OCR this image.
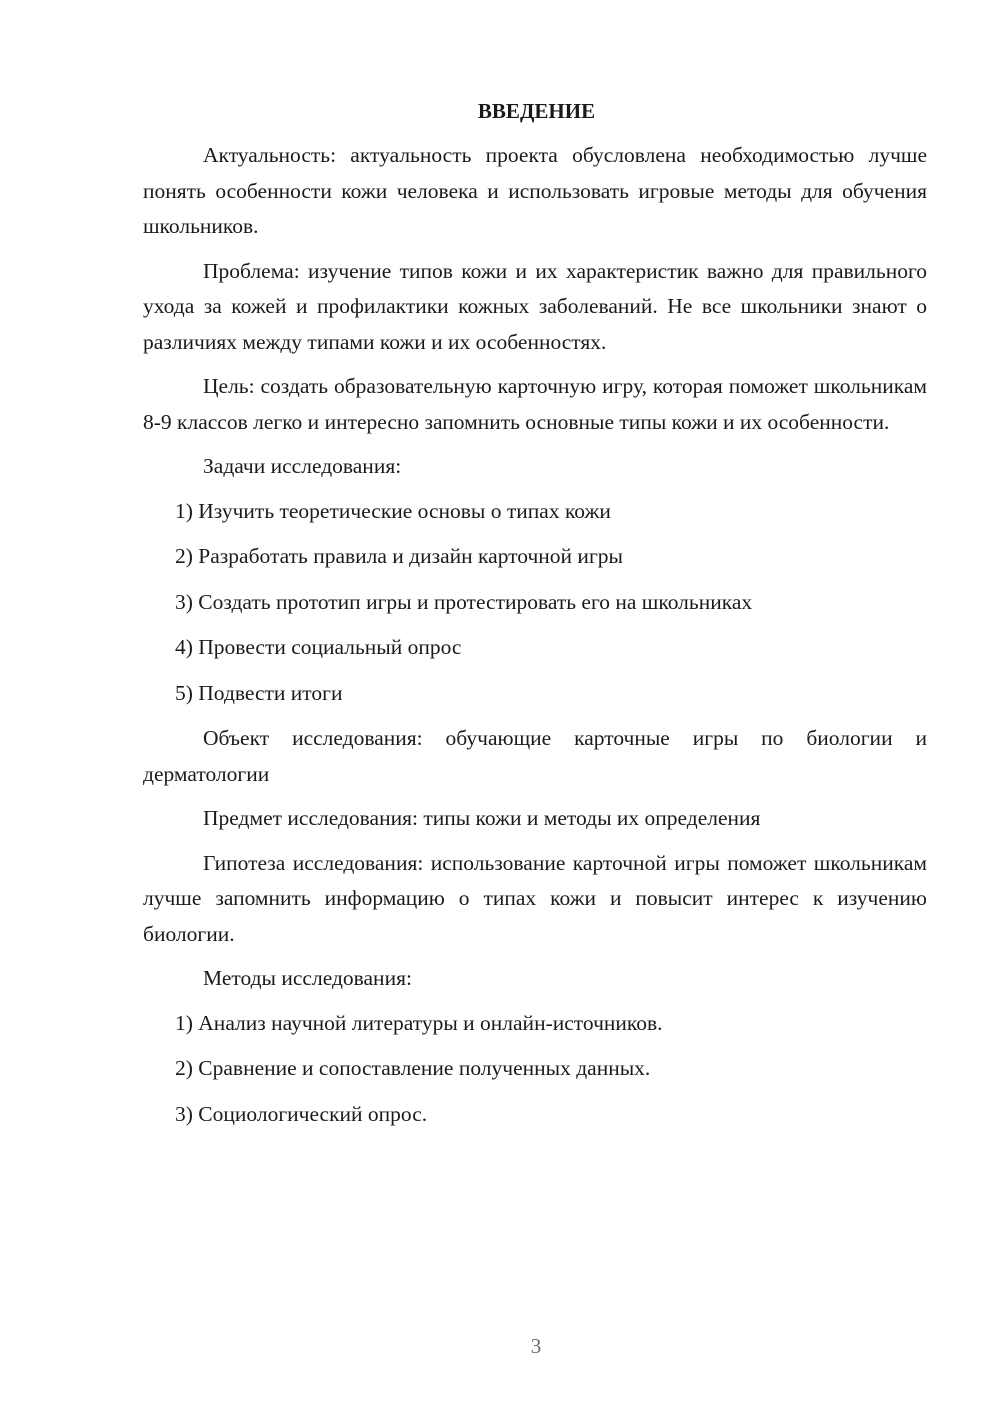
ВВЕДЕНИЕ

Актуальность: актуальность проекта обусловлена необходимостью лучше понять особенности кожи человека и использовать игровые методы для обучения школьников.

Проблема: изучение типов кожи и их характеристик важно для правильного ухода за кожей и профилактики кожных заболеваний. Не все школьники знают о различиях между типами кожи и их особенностях.

Цель: создать образовательную карточную игру, которая поможет школьникам 8-9 классов легко и интересно запомнить основные типы кожи и их особенности.

Задачи исследования:

1) Изучить теоретические основы о типах кожи
2) Разработать правила и дизайн карточной игры
3) Создать прототип игры и протестировать его на школьниках
4) Провести социальный опрос
5) Подвести итоги

Объект исследования: обучающие карточные игры по биологии и дерматологии

Предмет исследования: типы кожи и методы их определения

Гипотеза исследования: использование карточной игры поможет школьникам лучше запомнить информацию о типах кожи и повысит интерес к изучению биологии.

Методы исследования:

1) Анализ научной литературы и онлайн-источников.
2) Сравнение и сопоставление полученных данных.
3) Социологический опрос.
3
